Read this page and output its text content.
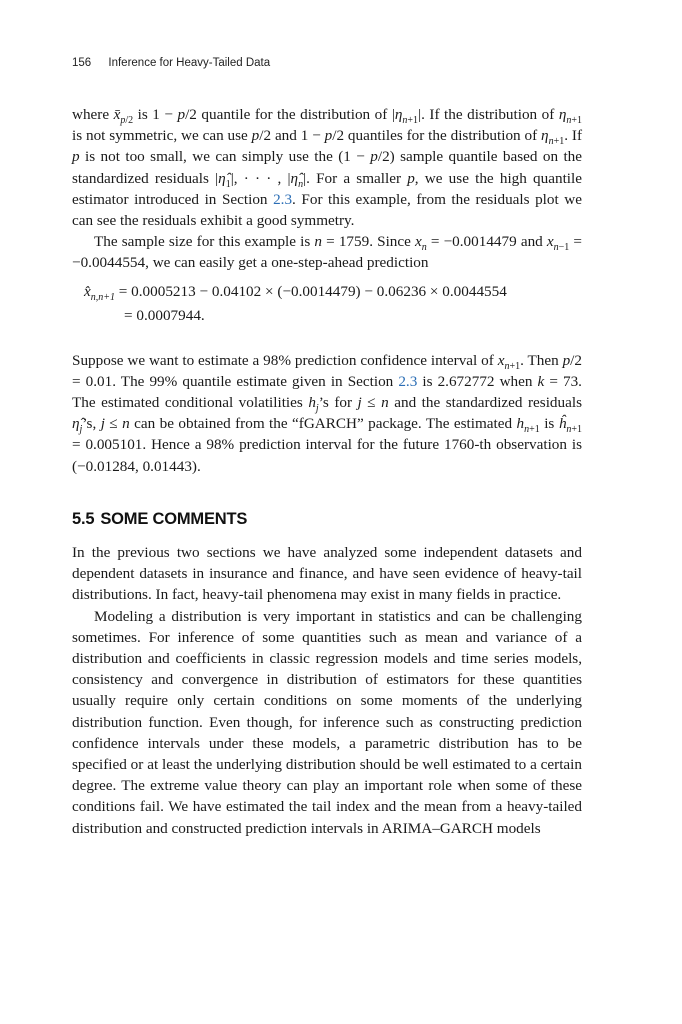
156 Inference for Heavy-Tailed Data

where $x̄_{p/2}$ is 1 − p/2 quantile for the distribution of $|\eta_{n+1}|$. If the distribution of $\eta_{n+1}$ is not symmetric, we can use p/2 and 1 − p/2 quantiles for the distribution of $\eta_{n+1}$. If p is not too small, we can simply use the (1 − p/2) sample quantile based on the standardized residuals $|\etâ_1|$, · · · , $|\etâ_n|$. For a smaller p, we use the high quantile estimator introduced in Section 2.3. For this example, from the residuals plot we can see the residuals exhibit a good symmetry.

The sample size for this example is n = 1759. Since $x_n = -0.0014479$ and $x_{n-1} = -0.0044554$, we can easily get a one-step-ahead prediction

$x̂_{n,n+1} = 0.0005213 - 0.04102 \times (-0.0014479) - 0.06236 \times 0.0044554$
= 0.0007944.

Suppose we want to estimate a 98% prediction confidence interval of $x_{n+1}$. Then p/2 = 0.01. The 99% quantile estimate given in Section 2.3 is 2.672772 when k = 73. The estimated conditional volatilities $h_j’s$ for j ≤ n and the standardized residuals $\etâ_j’s$, j ≤ n can be obtained from the “fGARCH” package. The estimated $h_{n+1}$ is $ĥ_{n+1} = 0.005101$. Hence a 98% prediction interval for the future 1760-th observation is (−0.01284, 0.01443).

5.5 SOME COMMENTS

In the previous two sections we have analyzed some independent datasets and dependent datasets in insurance and finance, and have seen evidence of heavy-tail distributions. In fact, heavy-tail phenomena may exist in many fields in practice.

Modeling a distribution is very important in statistics and can be challenging sometimes. For inference of some quantities such as mean and variance of a distribution and coefficients in classic regression models and time series models, consistency and convergence in distribution of estimators for these quantities usually require only certain conditions on some moments of the underlying distribution function. Even though, for inference such as constructing prediction confidence intervals under these models, a parametric distribution has to be specified or at least the underlying distribution should be well estimated to a certain degree. The extreme value theory can play an important role when some of these conditions fail. We have estimated the tail index and the mean from a heavy-tailed distribution and constructed prediction intervals in ARIMA–GARCH models
